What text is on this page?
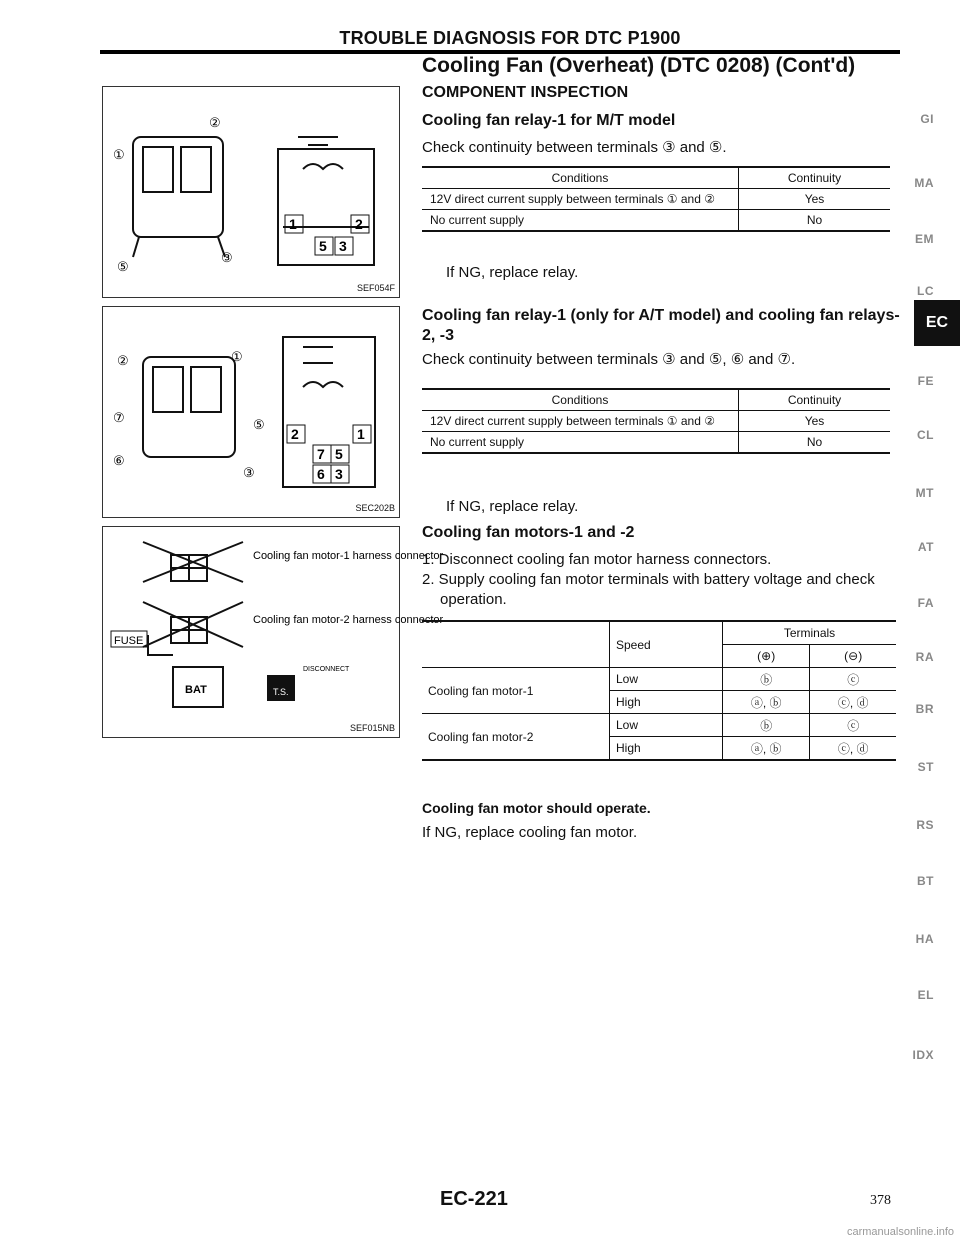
TROUBLE DIAGNOSIS FOR DTC P1900
Cooling Fan (Overheat) (DTC 0208) (Cont'd)
COMPONENT INSPECTION
①
②
③
⑤
1	2
5 3
SEF054F
①
②
③
⑤
⑥
⑦
2	1
7 5
6 3
SEC202B
Cooling fan motor-1 harness connector
Cooling fan motor-2 harness connector
FUSE
BAT
DISCONNECT
T.S.
SEF015NB
Cooling fan relay-1 for M/T model
Check continuity between terminals ③ and ⑤.
Conditions	Continuity
12V direct current supply between terminals ① and ②	Yes
No current supply	No
If NG, replace relay.
Cooling fan relay-1 (only for A/T model) and cooling fan relays-2, -3
Check continuity between terminals ③ and ⑤, ⑥ and ⑦.
Conditions	Continuity
12V direct current supply between terminals ① and ②	Yes
No current supply	No
If NG, replace relay.
Cooling fan motors-1 and -2
1. Disconnect cooling fan motor harness connectors.
2. Supply cooling fan motor terminals with battery voltage and check operation.
	Speed	Terminals	
		(⊕)	(⊖)
Cooling fan motor-1	Low	ⓑ	ⓒ
	High	ⓐ, ⓑ	ⓒ, ⓓ
Cooling fan motor-2	Low	ⓑ	ⓒ
	High	ⓐ, ⓑ	ⓒ, ⓓ
Cooling fan motor should operate.
If NG, replace cooling fan motor.
GI
MA
EM
LC
EC
FE
CL
MT
AT
FA
RA
BR
ST
RS
BT
HA
EL
IDX
EC-221	378
carmanualsonline.info
